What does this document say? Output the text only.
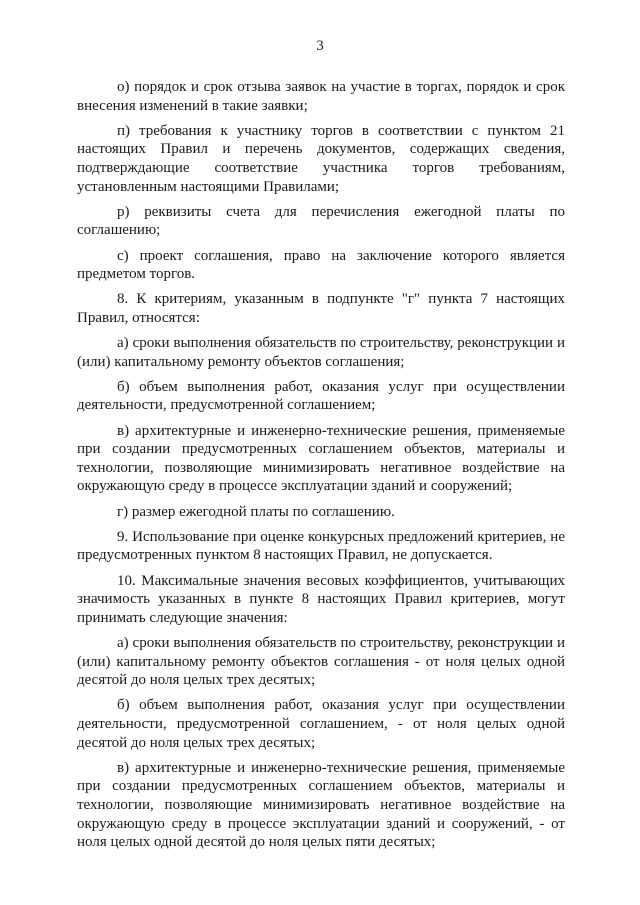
3

о) порядок и срок отзыва заявок на участие в торгах, порядок и срок внесения изменений в такие заявки;

п) требования к участнику торгов в соответствии с пунктом 21 настоящих Правил и перечень документов, содержащих сведения, подтверждающие соответствие участника торгов требованиям, установленным настоящими Правилами;

р) реквизиты счета для перечисления ежегодной платы по соглашению;

с) проект соглашения, право на заключение которого является предметом торгов.

8. К критериям, указанным в подпункте "г" пункта 7 настоящих Правил, относятся:

а) сроки выполнения обязательств по строительству, реконструкции и (или) капитальному ремонту объектов соглашения;

б) объем выполнения работ, оказания услуг при осуществлении деятельности, предусмотренной соглашением;

в) архитектурные и инженерно-технические решения, применяемые при создании предусмотренных соглашением объектов, материалы и технологии, позволяющие минимизировать негативное воздействие на окружающую среду в процессе эксплуатации зданий и сооружений;

г) размер ежегодной платы по соглашению.

9. Использование при оценке конкурсных предложений критериев, не предусмотренных пунктом 8 настоящих Правил, не допускается.

10. Максимальные значения весовых коэффициентов, учитывающих значимость указанных в пункте 8 настоящих Правил критериев, могут принимать следующие значения:

а) сроки выполнения обязательств по строительству, реконструкции и (или) капитальному ремонту объектов соглашения - от ноля целых одной десятой до ноля целых трех десятых;

б) объем выполнения работ, оказания услуг при осуществлении деятельности, предусмотренной соглашением, - от ноля целых одной десятой до ноля целых трех десятых;

в) архитектурные и инженерно-технические решения, применяемые при создании предусмотренных соглашением объектов, материалы и технологии, позволяющие минимизировать негативное воздействие на окружающую среду в процессе эксплуатации зданий и сооружений, - от ноля целых одной десятой до ноля целых пяти десятых;
